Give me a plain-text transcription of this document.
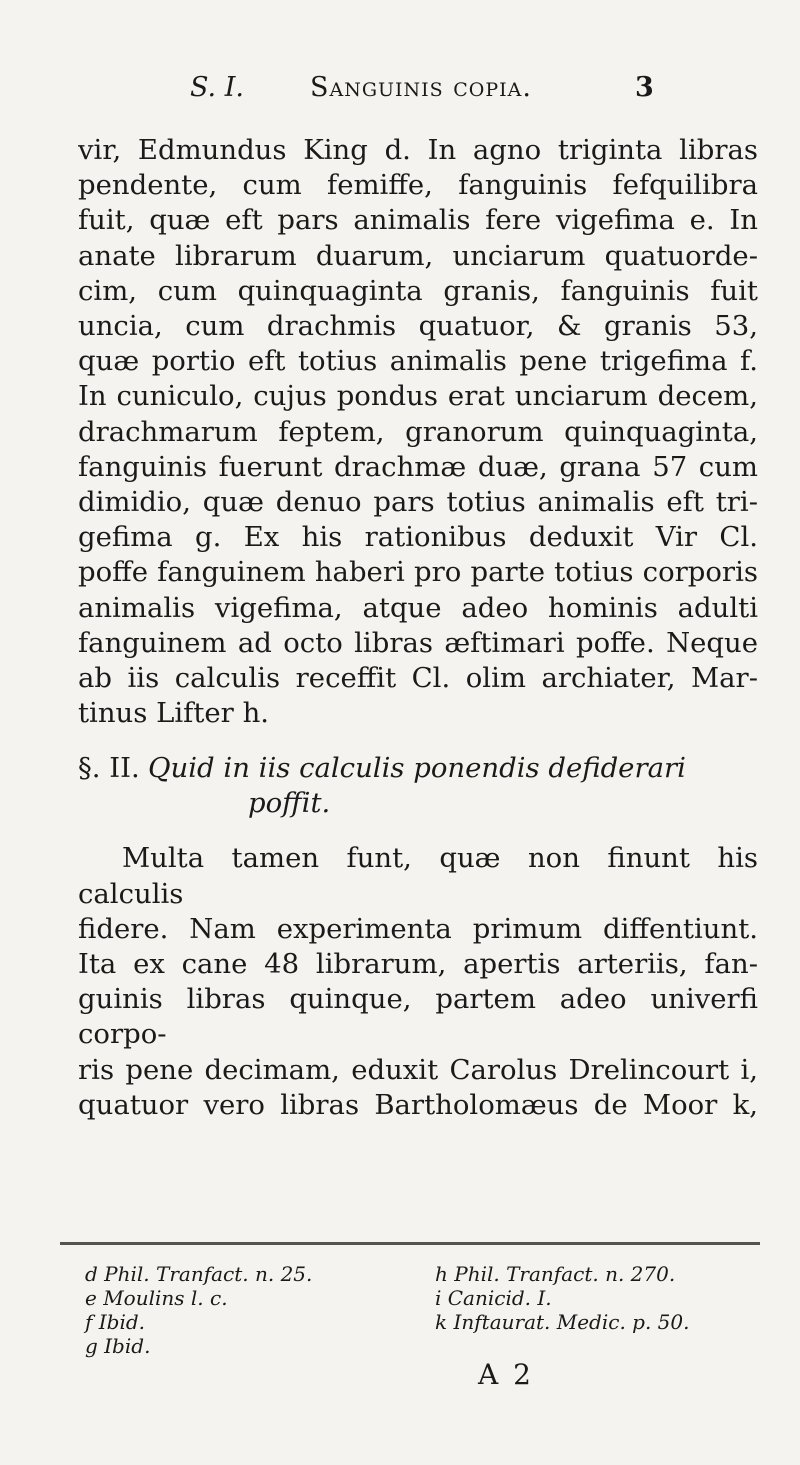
S. I. Sanguinis copia.	3
vir, Edmundus King d. In agno triginta libras
pendente, cum femiffe, fanguinis fefquilibra
fuit, quæ eft pars animalis fere vigefima e. In
anate librarum duarum, unciarum quatuorde-
cim, cum quinquaginta granis, fanguinis fuit
uncia, cum drachmis quatuor, & granis 53,
quæ portio eft totius animalis pene trigefima f.
In cuniculo, cujus pondus erat unciarum decem,
drachmarum feptem, granorum quinquaginta,
fanguinis fuerunt drachmæ duæ, grana 57 cum
dimidio, quæ denuo pars totius animalis eft tri-
gefima g. Ex his rationibus deduxit Vir Cl.
poffe fanguinem haberi pro parte totius corporis
animalis vigefima, atque adeo hominis adulti
fanguinem ad octo libras æftimari poffe. Neque
ab iis calculis receffit Cl. olim archiater, Mar-
tinus Lifter h.
§. II. Quid in iis calculis ponendis defiderari
poffit.
Multa tamen funt, quæ non finunt his calculis
fidere. Nam experimenta primum diffentiunt.
Ita ex cane 48 librarum, apertis arteriis, fan-
guinis libras quinque, partem adeo univerfi corpo-
ris pene decimam, eduxit Carolus Drelincourt i,
quatuor vero libras Bartholomæus de Moor k,
d Phil. Tranfact. n. 25.
e Moulins l. c.
f Ibid.
g Ibid.
h Phil. Tranfact. n. 270.
i Canicid. I.
k Inftaurat. Medic. p. 50.
A 2
